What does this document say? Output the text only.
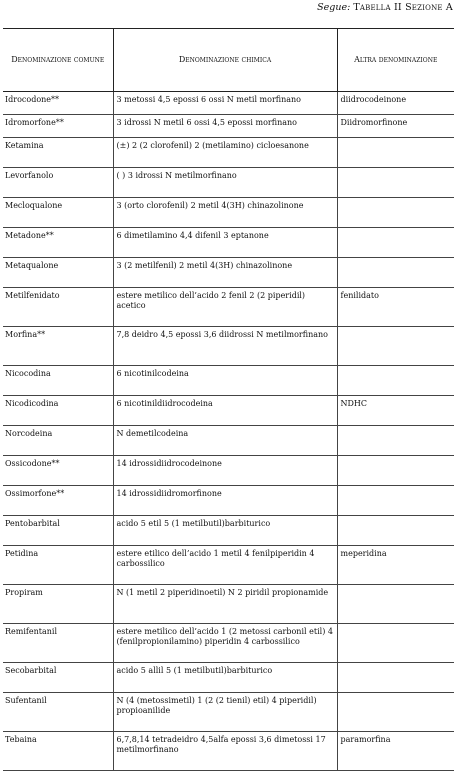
Segue: Tabella II Sezione A
Denominazione comune	Denominazione chimica	Altra denominazione
Idrocodone**	3 metossi 4,5 epossi 6 ossi N metil morfinano	diidrocodeinone
Idromorfone**	3 idrossi N metil 6 ossi 4,5 epossi morfinano	Diidromorfinone
Ketamina	(±) 2 (2 clorofenil) 2 (metilamino) cicloesanone	
Levorfanolo	( ) 3 idrossi N metilmorfinano	
Mecloqualone	3 (orto clorofenil) 2 metil 4(3H) chinazolinone	
Metadone**	6 dimetilamino 4,4 difenil 3 eptanone	
Metaqualone	3 (2 metilfenil) 2 metil 4(3H) chinazolinone	
Metilfenidato	estere metilico dell’acido 2 fenil 2 (2 piperidil) acetico	fenilidato
Morfina**	7,8 deidro 4,5 epossi 3,6 diidrossi N metilmorfinano	
Nicocodina	6 nicotinilcodeina	
Nicodicodina	6 nicotinildiidrocodeina	NDHC
Norcodeina	N demetilcodeina	
Ossicodone**	14 idrossidiidrocodeinone	
Ossimorfone**	14 idrossidiidromorfinone	
Pentobarbital	acido 5 etil 5 (1 metilbutil)barbiturico	
Petidina	estere etilico dell’acido 1 metil 4 fenilpiperidin 4 carbossilico	meperidina
Propiram	N (1 metil 2 piperidinoetil) N 2 piridil propionamide	
Remifentanil	estere metilico dell’acido 1 (2 metossi carbonil etil) 4 (fenilpropionilamino) piperidin 4 carbossilico	
Secobarbital	acido 5 allil 5 (1 metilbutil)barbiturico	
Sufentanil	N (4 (metossimetil) 1 (2 (2 tienil) etil) 4 piperidil) propioanilide	
Tebaina	6,7,8,14 tetradeidro 4,5alfa epossi 3,6 dimetossi 17 metilmorfinano	paramorfina
